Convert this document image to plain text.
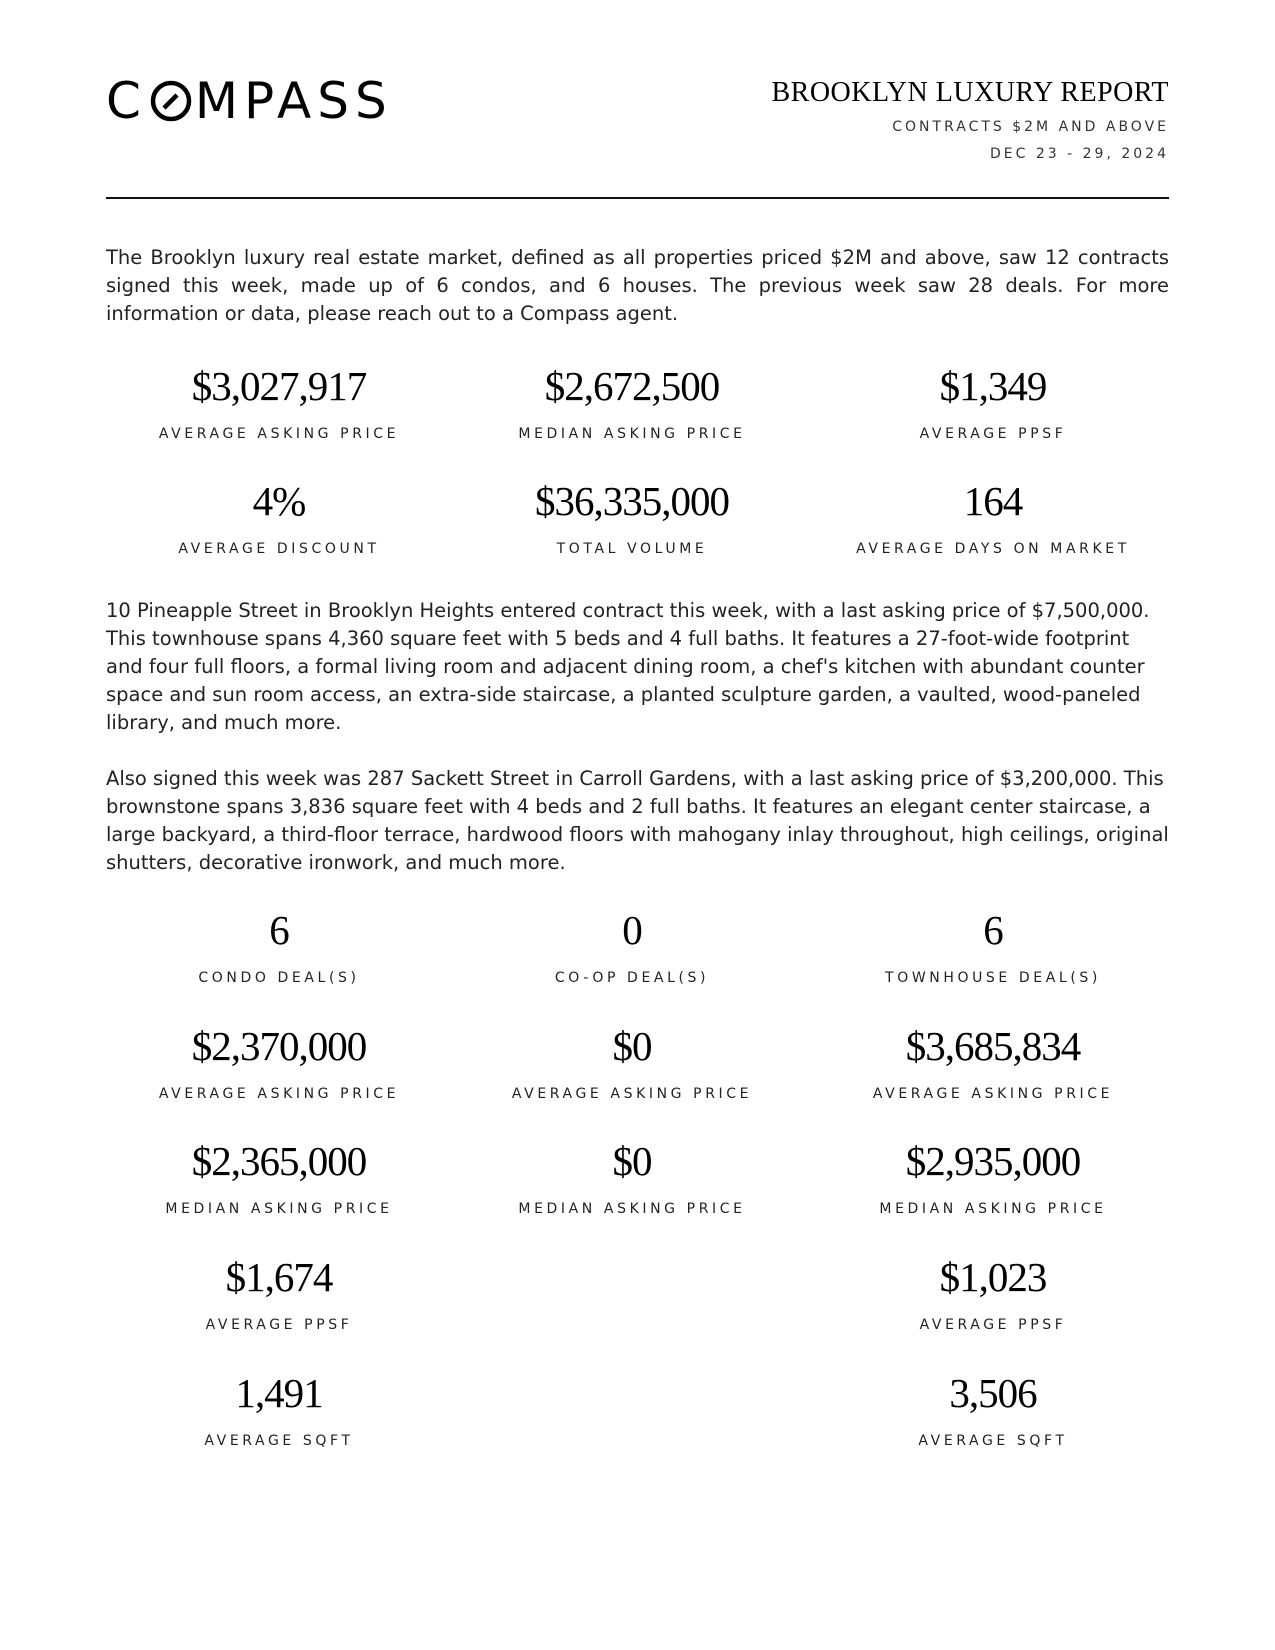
C MPASS	BROOKLYN LUXURY REPORT
CONTRACTS $2M AND ABOVE
DEC 23 - 29, 2024

The Brooklyn luxury real estate market, defined as all properties priced $2M and above, saw 12 contracts signed this week, made up of 6 condos, and 6 houses. The previous week saw 28 deals. For more information or data, please reach out to a Compass agent.

$3,027,917
AVERAGE ASKING PRICE
$2,672,500
MEDIAN ASKING PRICE
$1,349
AVERAGE PPSF
4%
AVERAGE DISCOUNT
$36,335,000
TOTAL VOLUME
164
AVERAGE DAYS ON MARKET

10 Pineapple Street in Brooklyn Heights entered contract this week, with a last asking price of $7,500,000. This townhouse spans 4,360 square feet with 5 beds and 4 full baths. It features a 27-foot-wide footprint and four full floors, a formal living room and adjacent dining room, a chef's kitchen with abundant counter space and sun room access, an extra-side staircase, a planted sculpture garden, a vaulted, wood-paneled library, and much more.

Also signed this week was 287 Sackett Street in Carroll Gardens, with a last asking price of $3,200,000. This brownstone spans 3,836 square feet with 4 beds and 2 full baths. It features an elegant center staircase, a large backyard, a third-floor terrace, hardwood floors with mahogany inlay throughout, high ceilings, original shutters, decorative ironwork, and much more.

6
CONDO DEAL(S)
0
CO-OP DEAL(S)
6
TOWNHOUSE DEAL(S)
$2,370,000
AVERAGE ASKING PRICE
$0
AVERAGE ASKING PRICE
$3,685,834
AVERAGE ASKING PRICE
$2,365,000
MEDIAN ASKING PRICE
$0
MEDIAN ASKING PRICE
$2,935,000
MEDIAN ASKING PRICE
$1,674
AVERAGE PPSF
$1,023
AVERAGE PPSF
1,491
AVERAGE SQFT
3,506
AVERAGE SQFT
